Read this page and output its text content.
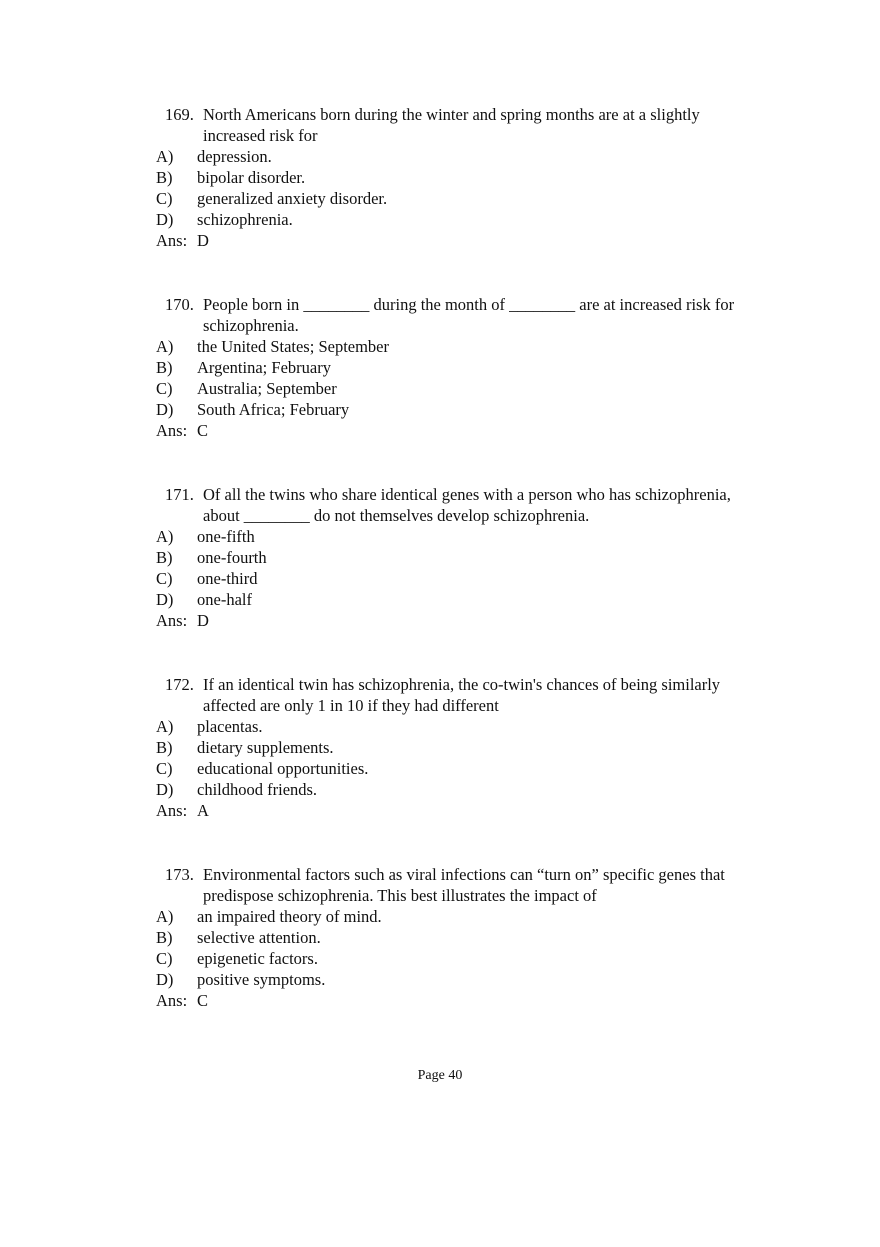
169. North Americans born during the winter and spring months are at a slightly increased risk for
A) depression.
B) bipolar disorder.
C) generalized anxiety disorder.
D) schizophrenia.
Ans: D
170. People born in ________ during the month of ________ are at increased risk for schizophrenia.
A) the United States; September
B) Argentina; February
C) Australia; September
D) South Africa; February
Ans: C
171. Of all the twins who share identical genes with a person who has schizophrenia, about ________ do not themselves develop schizophrenia.
A) one-fifth
B) one-fourth
C) one-third
D) one-half
Ans: D
172. If an identical twin has schizophrenia, the co-twin's chances of being similarly affected are only 1 in 10 if they had different
A) placentas.
B) dietary supplements.
C) educational opportunities.
D) childhood friends.
Ans: A
173. Environmental factors such as viral infections can “turn on” specific genes that predispose schizophrenia. This best illustrates the impact of
A) an impaired theory of mind.
B) selective attention.
C) epigenetic factors.
D) positive symptoms.
Ans: C
Page 40
